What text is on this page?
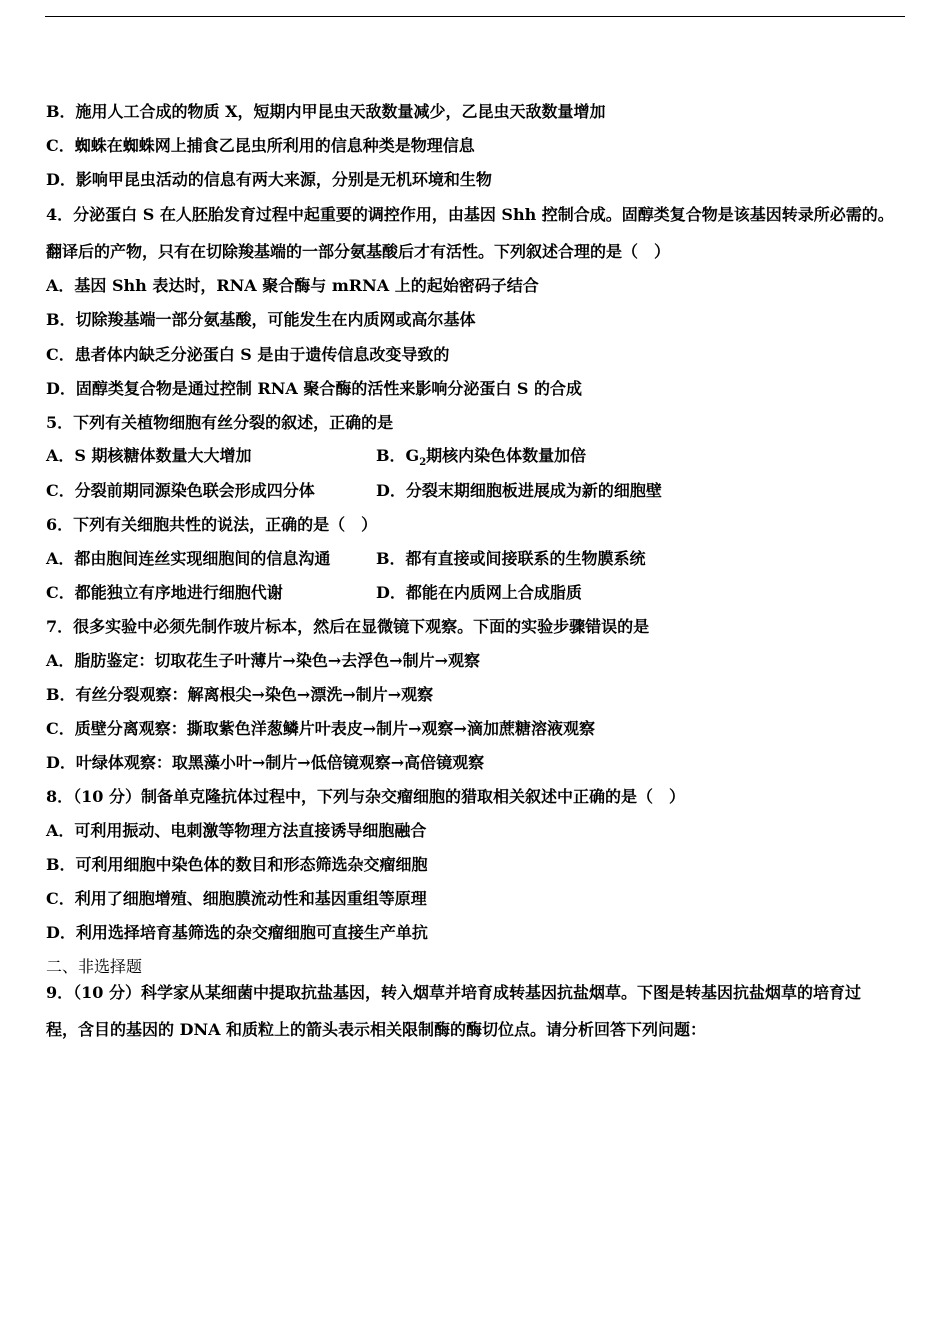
B．施用人工合成的物质 X，短期内甲昆虫天敌数量减少，乙昆虫天敌数量增加
C．蜘蛛在蜘蛛网上捕食乙昆虫所利用的信息种类是物理信息
D．影响甲昆虫活动的信息有两大来源，分别是无机环境和生物
4．分泌蛋白 S 在人胚胎发育过程中起重要的调控作用，由基因 Shh 控制合成。固醇类复合物是该基因转录所必需的。
翻译后的产物，只有在切除羧基端的一部分氨基酸后才有活性。下列叙述合理的是（　）
A．基因 Shh 表达时，RNA 聚合酶与 mRNA 上的起始密码子结合
B．切除羧基端一部分氨基酸，可能发生在内质网或高尔基体
C．患者体内缺乏分泌蛋白 S 是由于遗传信息改变导致的
D．固醇类复合物是通过控制 RNA 聚合酶的活性来影响分泌蛋白 S 的合成
5．下列有关植物细胞有丝分裂的叙述，正确的是
A．S 期核糖体数量大大增加	B．$G_2$期核内染色体数量加倍
C．分裂前期同源染色联会形成四分体	D．分裂末期细胞板进展成为新的细胞壁
6．下列有关细胞共性的说法，正确的是（　）
A．都由胞间连丝实现细胞间的信息沟通	B．都有直接或间接联系的生物膜系统
C．都能独立有序地进行细胞代谢	D．都能在内质网上合成脂质
7．很多实验中必须先制作玻片标本，然后在显微镜下观察。下面的实验步骤错误的是
A．脂肪鉴定：切取花生子叶薄片→染色→去浮色→制片→观察
B．有丝分裂观察：解离根尖→染色→漂洗→制片→观察
C．质壁分离观察：撕取紫色洋葱鳞片叶表皮→制片→观察→滴加蔗糖溶液观察
D．叶绿体观察：取黑藻小叶→制片→低倍镜观察→高倍镜观察
8．（10 分）制备单克隆抗体过程中，下列与杂交瘤细胞的猎取相关叙述中正确的是（　）
A．可利用振动、电刺激等物理方法直接诱导细胞融合
B．可利用细胞中染色体的数目和形态筛选杂交瘤细胞
C．利用了细胞增殖、细胞膜流动性和基因重组等原理
D．利用选择培育基筛选的杂交瘤细胞可直接生产单抗
二、非选择题
9．（10 分）科学家从某细菌中提取抗盐基因，转入烟草并培育成转基因抗盐烟草。下图是转基因抗盐烟草的培育过
程，含目的基因的 DNA 和质粒上的箭头表示相关限制酶的酶切位点。请分析回答下列问题：
